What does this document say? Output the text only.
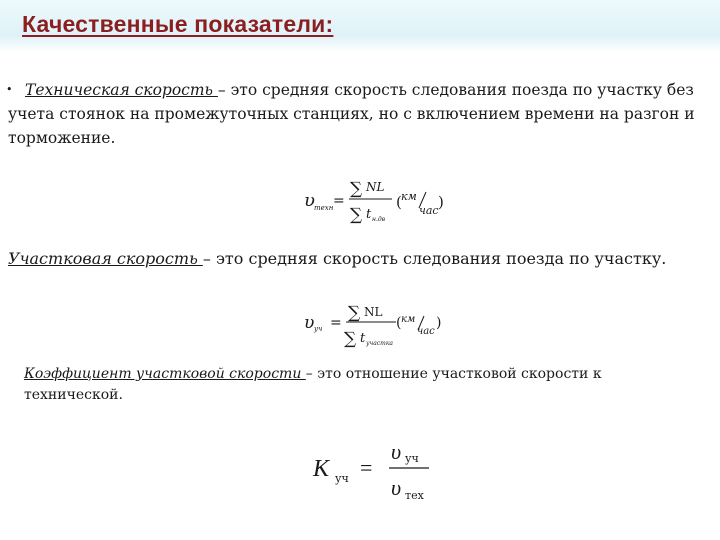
Качественные показатели:

• Техническая скорость – это средняя скорость следования поезда по участку без учета стоянок на промежуточных станциях, но с включением времени на разгон и торможение.

υ техн =
∑ NL
∑ t н.дв
( км
час )

Участковая скорость – это средняя скорость следования поезда по участку.

υ уч = ∑ NL
∑ t участка
( км
час
)

Коэффициент участковой скорости – это отношение участковой скорости к технической.

K уч =
υ уч
υ тех
